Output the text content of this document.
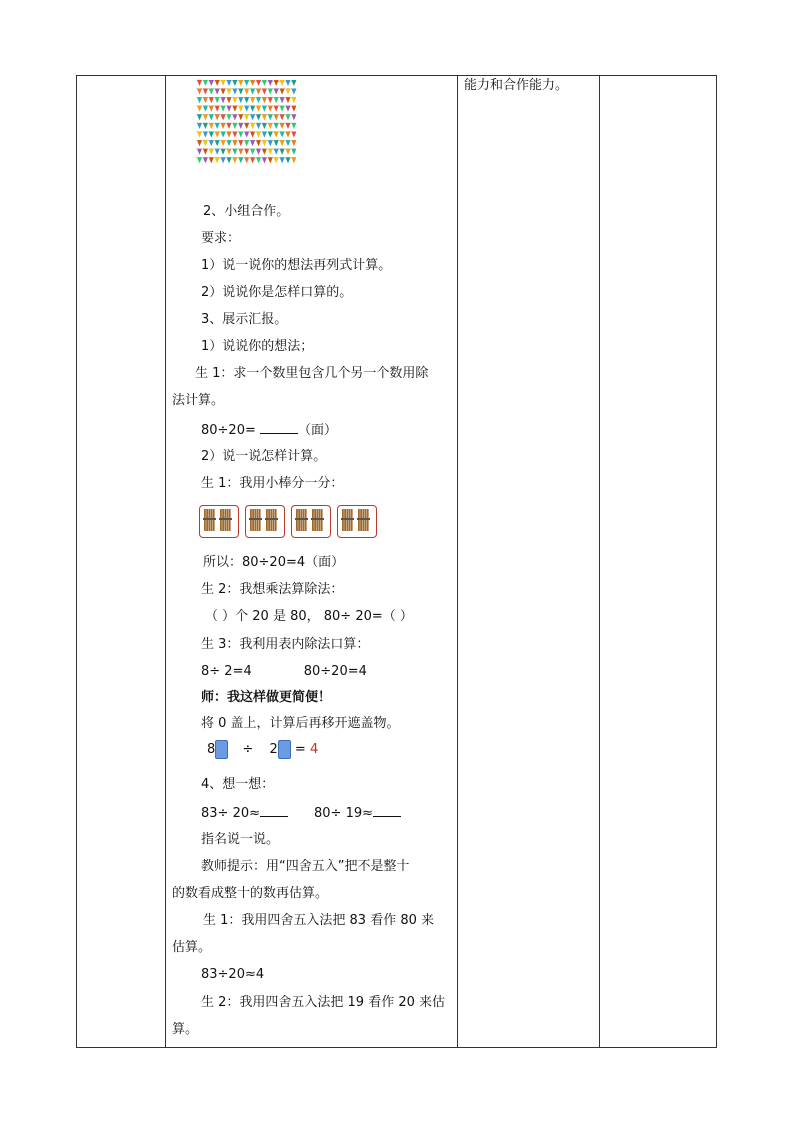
能力和合作能力。
2、小组合作。
要求：
1）说一说你的想法再列式计算。
2）说说你是怎样口算的。
3、展示汇报。
1）说说你的想法；
生 1：求一个数里包含几个另一个数用除
法计算。
80÷20=	（面）
2）说一说怎样计算。
生 1：我用小棒分一分：
所以：80÷20=4（面）
生 2：我想乘法算除法：
（ ）个 20 是 80， 80÷ 20=（ ）
生 3：我利用表内除法口算：
8÷ 2=4	80÷20=4
师：我这样做更简便！
将 0 盖上，计算后再移开遮盖物。
8 ÷ 2 = 4
4、想一想：
83÷ 20≈	80÷ 19≈
指名说一说。
教师提示：用“四舍五入”把不是整十
的数看成整十的数再估算。
生 1：我用四舍五入法把 83 看作 80 来
估算。
83÷20≈4
生 2：我用四舍五入法把 19 看作 20 来估
算。
